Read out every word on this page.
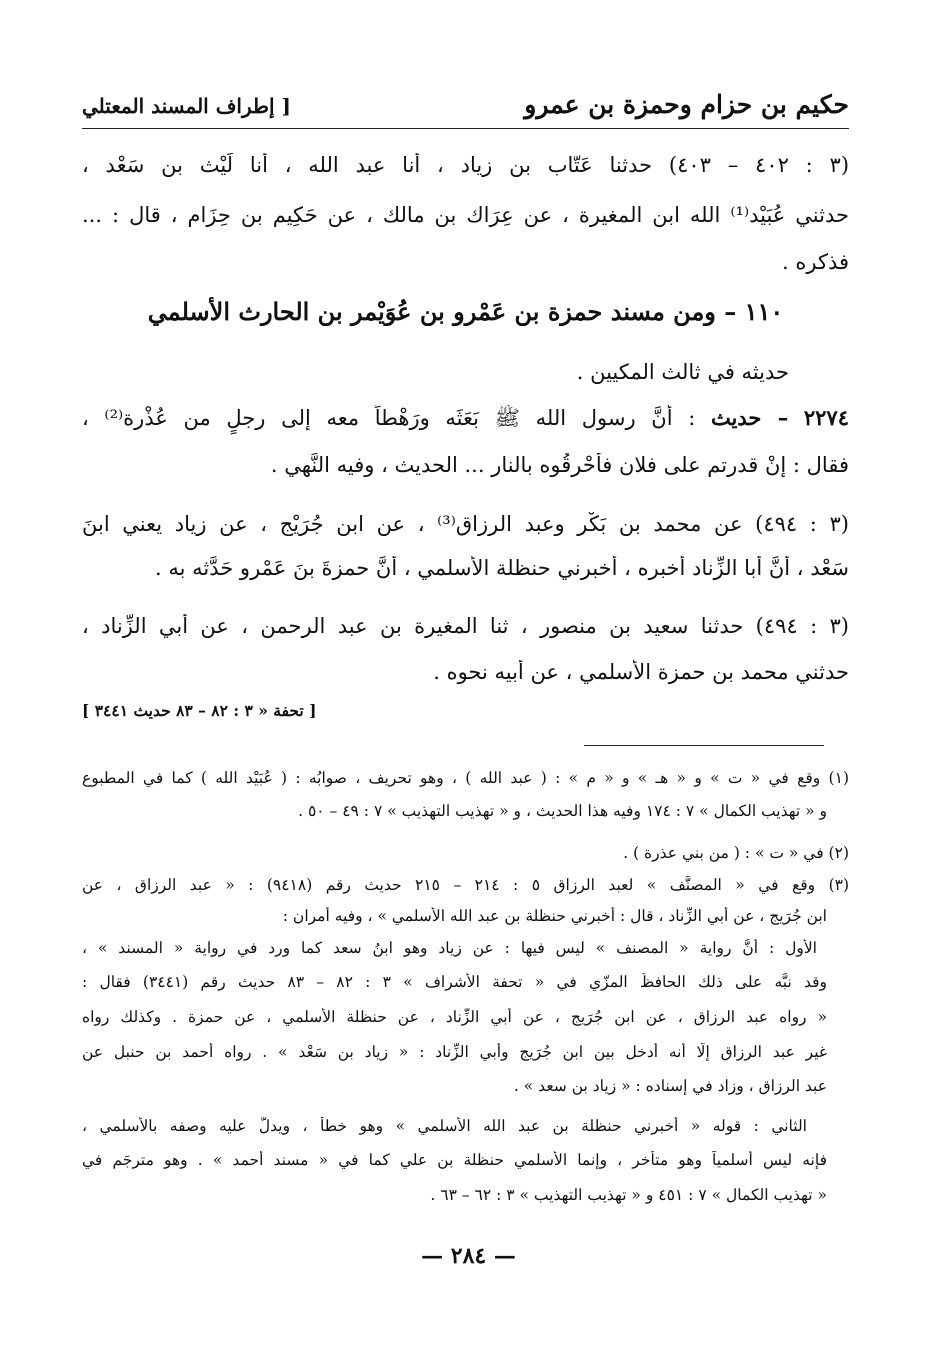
حكيم بن حزام وحمزة بن عمرو
[ إطراف المسند المعتلي
(٣ : ٤٠٢ – ٤٠٣) حدثنا عَتّاب بن زياد ، أنا عبد الله ، أنا لَيْث بن سَعْد ،
حدثني عُبَيْد⁽¹⁾ الله ابن المغيرة ، عن عِرَاك بن مالك ، عن حَكِيم بن حِزَام ، قال : ...
فذكره .
١١٠ – ومن مسند حمزة بن عَمْرو بن عُوَيْمر بن الحارث الأسلمي
حديثه في ثالث المكيين .
٢٢٧٤ – حديث : أنَّ رسول الله ﷺ بَعَثَه ورَهْطاً معه إلى رجلٍ من عُذْرة⁽²⁾ ،
فقال : إنْ قدرتم على فلان فأحْرِقُوه بالنار ... الحديث ، وفيه النَّهي .
(٣ : ٤٩٤) عن محمد بن بَكْر وعبد الرزاق⁽³⁾ ، عن ابن جُرَيْج ، عن زياد يعني ابنَ
سَعْد ، أنَّ أبا الزِّناد أخبره ، أخبرني حنظلة الأسلمي ، أنَّ حمزةَ بنَ عَمْرٍو حَدَّثه به .
(٣ : ٤٩٤) حدثنا سعيد بن منصور ، ثنا المغيرة بن عبد الرحمن ، عن أبي الزِّناد ،
حدثني محمد بن حمزة الأسلمي ، عن أبيه نحوه .
[ تحفة « ٣ : ٨٢ – ٨٣ حديث ٣٤٤١ ]
(١) وقع في « ت » و « هـ » و « م » : ( عبد الله ) ، وهو تحريف ، صوابُه : ( عُبَيْد الله ) كما في المطبوع
و « تهذيب الكمال » ٧ : ١٧٤ وفيه هذا الحديث ، و « تهذيب التهذيب » ٧ : ٤٩ – ٥٠ .
(٢) في « ت » : ( من بني عذرة ) .
(٣) وقع في « المصنَّف » لعبد الرزاق ٥ : ٢١٤ – ٢١٥ حديث رقم (٩٤١٨) : « عبد الرزاق ، عن
ابن جُرَيج ، عن أبي الزِّناد ، قال : أخبرني حنظلة بن عبد الله الأسلمي » ، وفيه أمران :
الأول : أنَّ رواية « المصنف » ليس فيها : عن زياد وهو ابنُ سعد كما ورد في رواية « المسند » ،
وقد نبَّه على ذلك الحافظُ المزّي في « تحفة الأشراف » ٣ : ٨٢ – ٨٣ حديث رقم (٣٤٤١) فقال :
« رواه عبد الرزاق ، عن ابن جُرَيج ، عن أبي الزِّناد ، عن حنظلة الأسلمي ، عن حمزة . وكذلك رواه
غير عبد الرزاق إلّا أنه أدخل بين ابن جُرَيج وأبي الزِّناد : « زياد بن سَعْد » . رواه أحمد بن حنبل عن
عبد الرزاق ، وزاد في إسناده : « زياد بن سعد » .
الثاني : قوله « أخبرني حنظلة بن عبد الله الأسلمي » وهو خطأ ، ويدلُّ عليه وصفه بالأسلمي ،
فإنه ليس أسلمياً وهو متأخر ، وإنما الأسلمي حنظلة بن علي كما في « مسند أحمد » . وهو مترجَم في
« تهذيب الكمال » ٧ : ٤٥١ و « تهذيب التهذيب » ٣ : ٦٢ – ٦٣ .
— ٢٨٤ —
